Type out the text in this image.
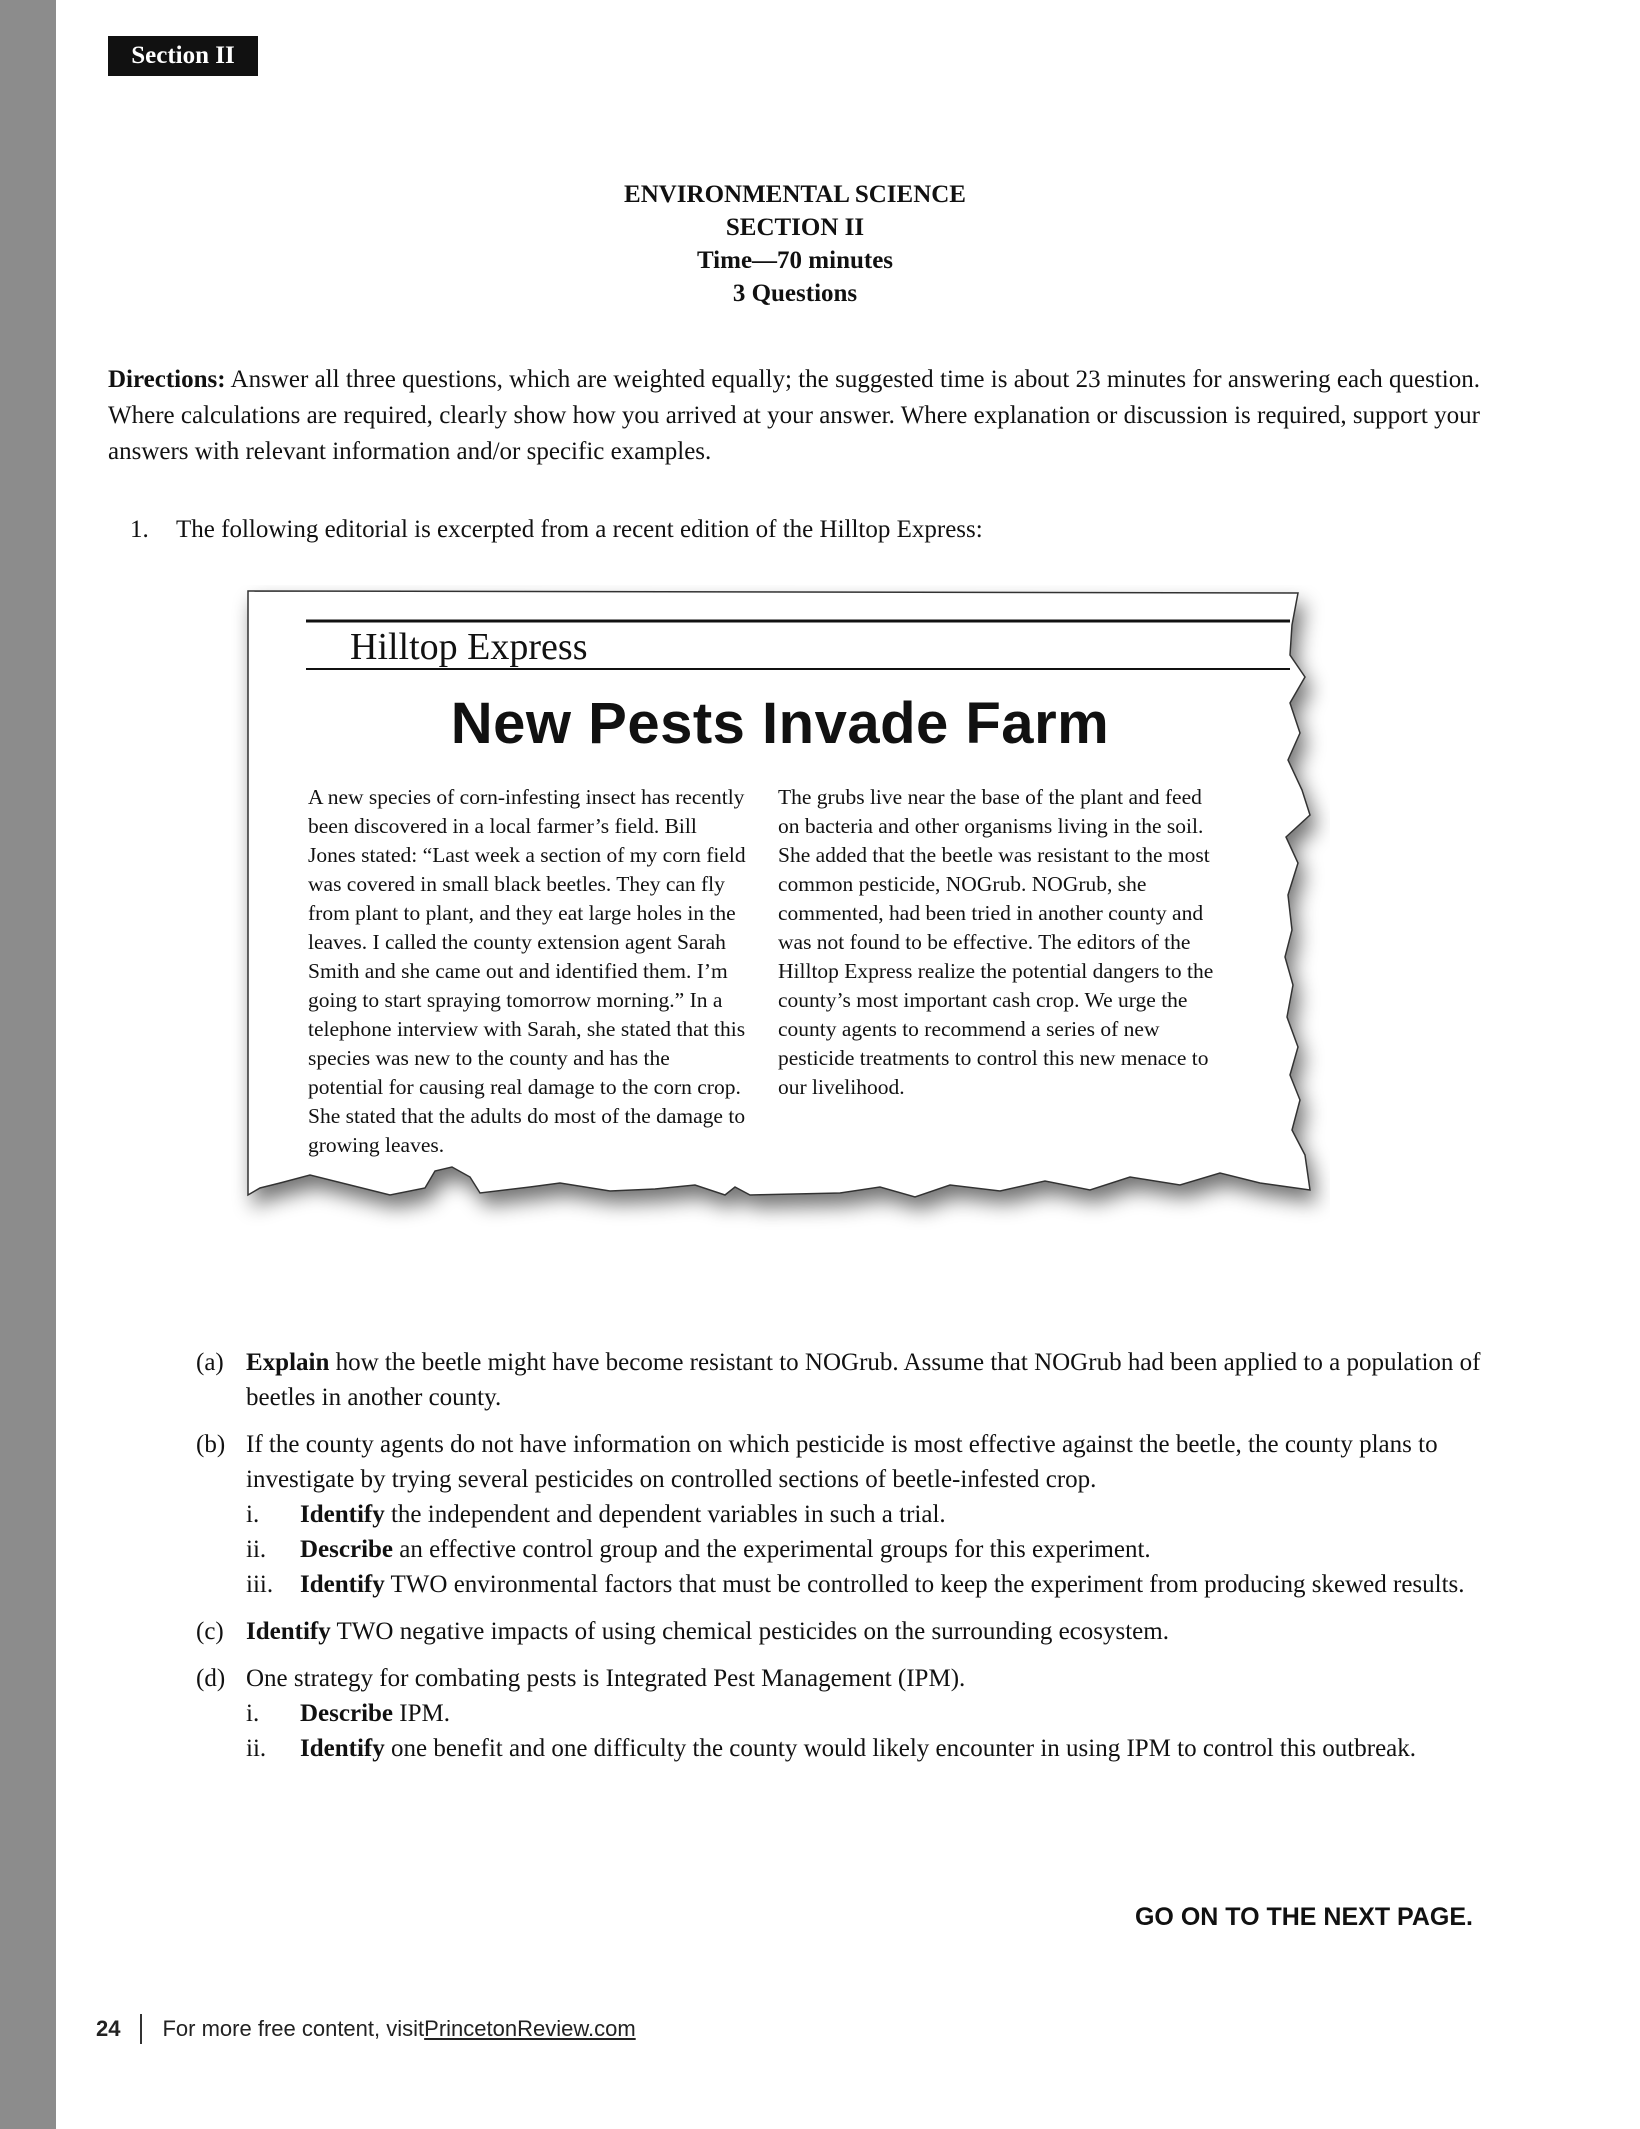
Section II
ENVIRONMENTAL SCIENCE
SECTION II
Time—70 minutes
3 Questions
Directions: Answer all three questions, which are weighted equally; the suggested time is about 23 minutes for answering each question. Where calculations are required, clearly show how you arrived at your answer. Where explanation or discussion is required, support your answers with relevant information and/or specific examples.
1. The following editorial is excerpted from a recent edition of the Hilltop Express:
Hilltop Express
New Pests Invade Farm
A new species of corn-infesting insect has recently been discovered in a local farmer’s field. Bill Jones stated: “Last week a section of my corn field was covered in small black beetles. They can fly from plant to plant, and they eat large holes in the leaves. I called the county extension agent Sarah Smith and she came out and identified them. I’m going to start spraying tomorrow morning.” In a telephone interview with Sarah, she stated that this species was new to the county and has the potential for causing real damage to the corn crop. She stated that the adults do most of the damage to growing leaves.
The grubs live near the base of the plant and feed on bacteria and other organisms living in the soil. She added that the beetle was resistant to the most common pesticide, NOGrub. NOGrub, she commented, had been tried in another county and was not found to be effective. The editors of the Hilltop Express realize the potential dangers to the county’s most important cash crop. We urge the county agents to recommend a series of new pesticide treatments to control this new menace to our livelihood.
(a) Explain how the beetle might have become resistant to NOGrub. Assume that NOGrub had been applied to a population of beetles in another county.
(b) If the county agents do not have information on which pesticide is most effective against the beetle, the county plans to investigate by trying several pesticides on controlled sections of beetle-infested crop.
i.	Identify the independent and dependent variables in such a trial.
ii.	Describe an effective control group and the experimental groups for this experiment.
iii.	Identify TWO environmental factors that must be controlled to keep the experiment from producing skewed results.
(c) Identify TWO negative impacts of using chemical pesticides on the surrounding ecosystem.
(d) One strategy for combating pests is Integrated Pest Management (IPM).
i.	Describe IPM.
ii.	Identify one benefit and one difficulty the county would likely encounter in using IPM to control this outbreak.
GO ON TO THE NEXT PAGE.
24 For more free content, visit PrincetonReview.com
